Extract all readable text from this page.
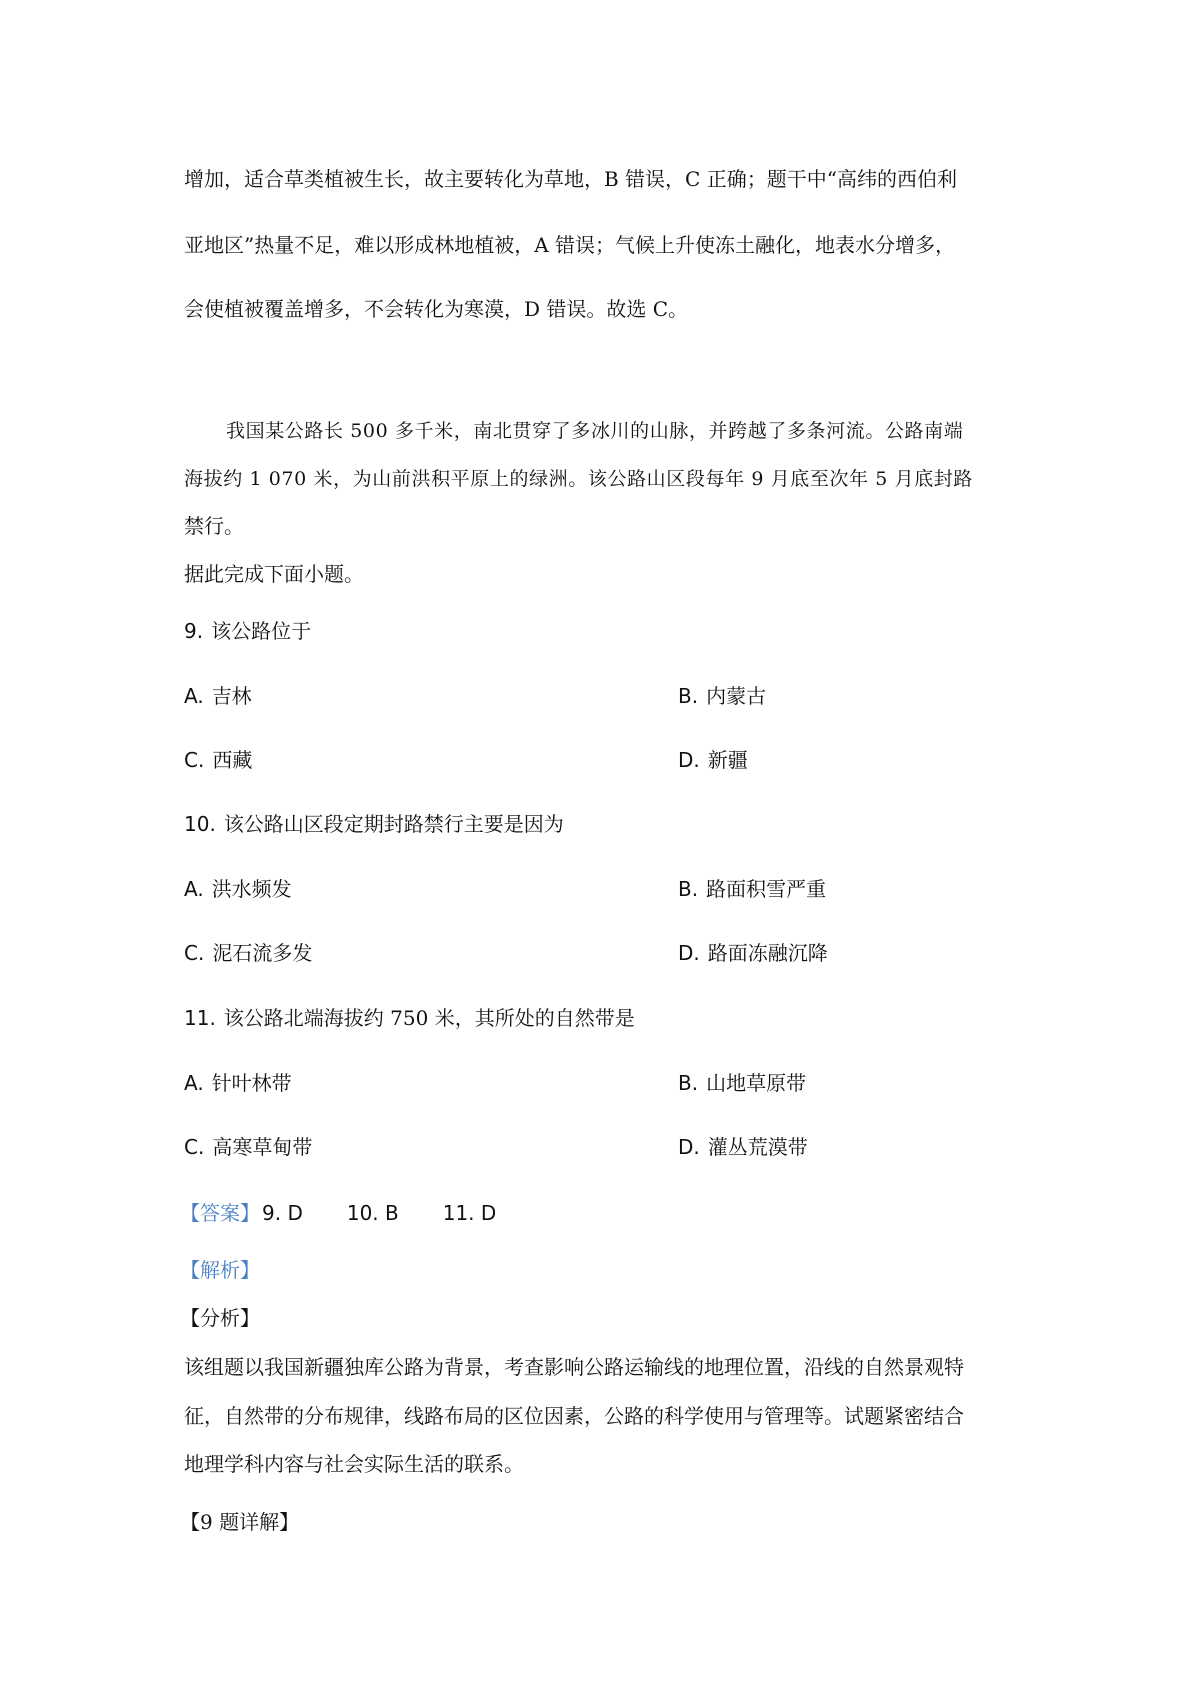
增加，适合草类植被生长，故主要转化为草地，B 错误，C 正确；题干中“高纬的西伯利
亚地区”热量不足，难以形成林地植被，A 错误；气候上升使冻土融化，地表水分增多，
会使植被覆盖增多，不会转化为寒漠，D 错误。故选 C。
我国某公路长 500 多千米，南北贯穿了多冰川的山脉，并跨越了多条河流。公路南端
海拔约 1 070 米，为山前洪积平原上的绿洲。该公路山区段每年 9 月底至次年 5 月底封路
禁行。
据此完成下面小题。
9. 该公路位于
A. 吉林	B. 内蒙古
C. 西藏	D. 新疆
10. 该公路山区段定期封路禁行主要是因为
A. 洪水频发	B. 路面积雪严重
C. 泥石流多发	D. 路面冻融沉降
11. 该公路北端海拔约 750 米，其所处的自然带是
A. 针叶林带	B. 山地草原带
C. 高寒草甸带	D. 灌丛荒漠带
【答案】 9. D 10. B 11. D
【解析】
【分析】
该组题以我国新疆独库公路为背景，考查影响公路运输线的地理位置，沿线的自然景观特
征，自然带的分布规律，线路布局的区位因素，公路的科学使用与管理等。试题紧密结合
地理学科内容与社会实际生活的联系。
【9 题详解】
